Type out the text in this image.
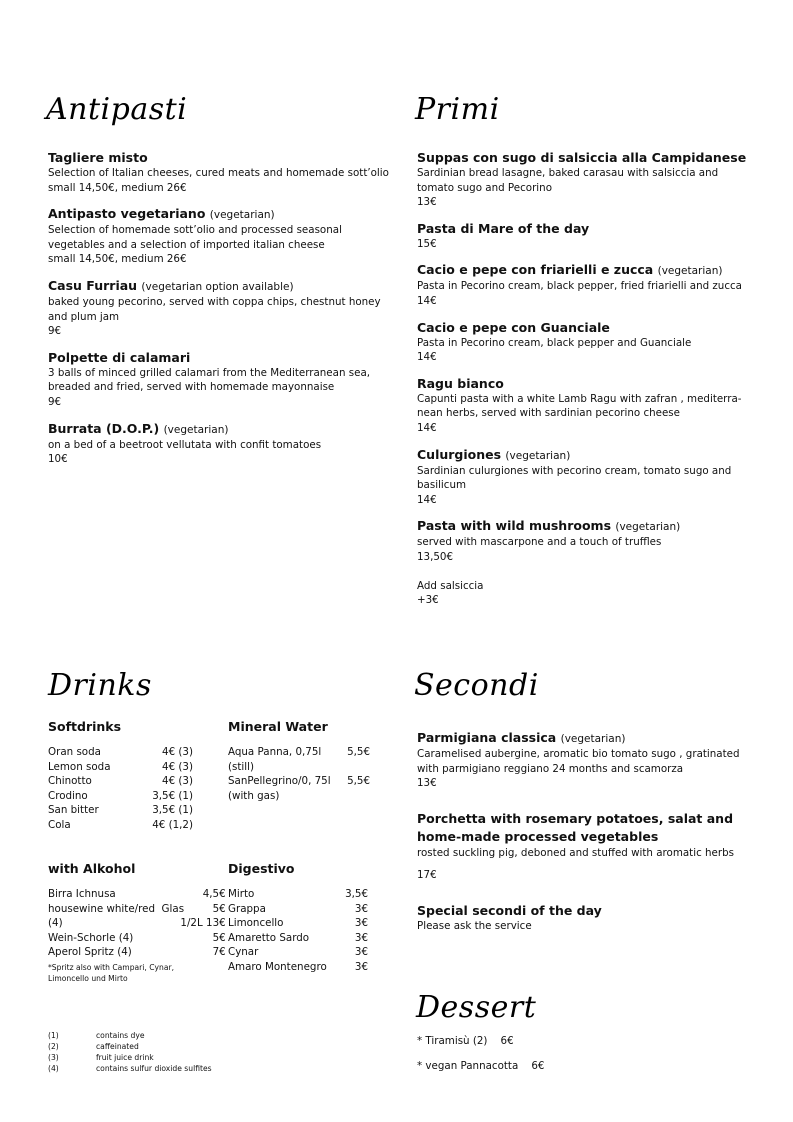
Antipasti	Primi
Drinks	Secondi
Dessert
Tagliere misto
Selection of Italian cheeses, cured meats and homemade sott’olio
small 14,50€, medium 26€
Antipasto vegetariano (vegetarian)
Selection of homemade sott’olio and processed seasonal
vegetables and a selection of imported italian cheese
small 14,50€, medium 26€
Casu Furriau (vegetarian option available)
baked young pecorino, served with coppa chips, chestnut honey
and plum jam
9€
Polpette di calamari
3 balls of minced grilled calamari from the Mediterranean sea,
breaded and fried, served with homemade mayonnaise
9€
Burrata (D.O.P.) (vegetarian)
on a bed of a beetroot vellutata with confit tomatoes
10€
Suppas con sugo di salsiccia alla Campidanese
Sardinian bread lasagne, baked carasau with salsiccia and
tomato sugo and Pecorino
13€
Pasta di Mare of the day
15€
Cacio e pepe con friarielli e zucca (vegetarian)
Pasta in Pecorino cream, black pepper, fried friarielli and zucca
14€
Cacio e pepe con Guanciale
Pasta in Pecorino cream, black pepper and Guanciale
14€
Ragu bianco
Capunti pasta with a white Lamb Ragu with zafran , mediterra-
nean herbs, served with sardinian pecorino cheese
14€
Culurgiones (vegetarian)
Sardinian culurgiones with pecorino cream, tomato sugo and
basilicum
14€
Pasta with wild mushrooms (vegetarian)
served with mascarpone and a touch of truffles
13,50€
Add salsiccia
+3€
Softdrinks
Oran soda	4€ (3)
Lemon soda	4€ (3)
Chinotto	4€ (3)
Crodino	3,5€ (1)
San bitter	3,5€ (1)
Cola	4€ (1,2)
Mineral Water
Aqua Panna, 0,75l (still)	5,5€
SanPellegrino/0, 75l (with gas)	5,5€
with Alkohol
Birra Ichnusa	4,5€
housewine white/red  Glas	5€
(4)                                    1/2L	13€
Wein-Schorle (4)	5€
Aperol Spritz (4)	7€
*Spritz also with Campari, Cynar, Limoncello und Mirto
Digestivo
Mirto	3,5€
Grappa	3€
Limoncello	3€
Amaretto Sardo	3€
Cynar	3€
Amaro Montenegro	3€
(1)	contains dye
(2)	caffeinated
(3)	fruit juice drink
(4)	contains sulfur dioxide sulfites
Parmigiana classica (vegetarian)
Caramelised aubergine, aromatic bio tomato sugo , gratinated
with parmigiano reggiano 24 months and scamorza
13€
Porchetta with rosemary potatoes, salat and home-made processed vegetables
rosted suckling pig, deboned and stuffed with aromatic herbs
17€
Special secondi of the day
Please ask the service
* Tiramisù (2) 6€
* vegan Pannacotta 6€
